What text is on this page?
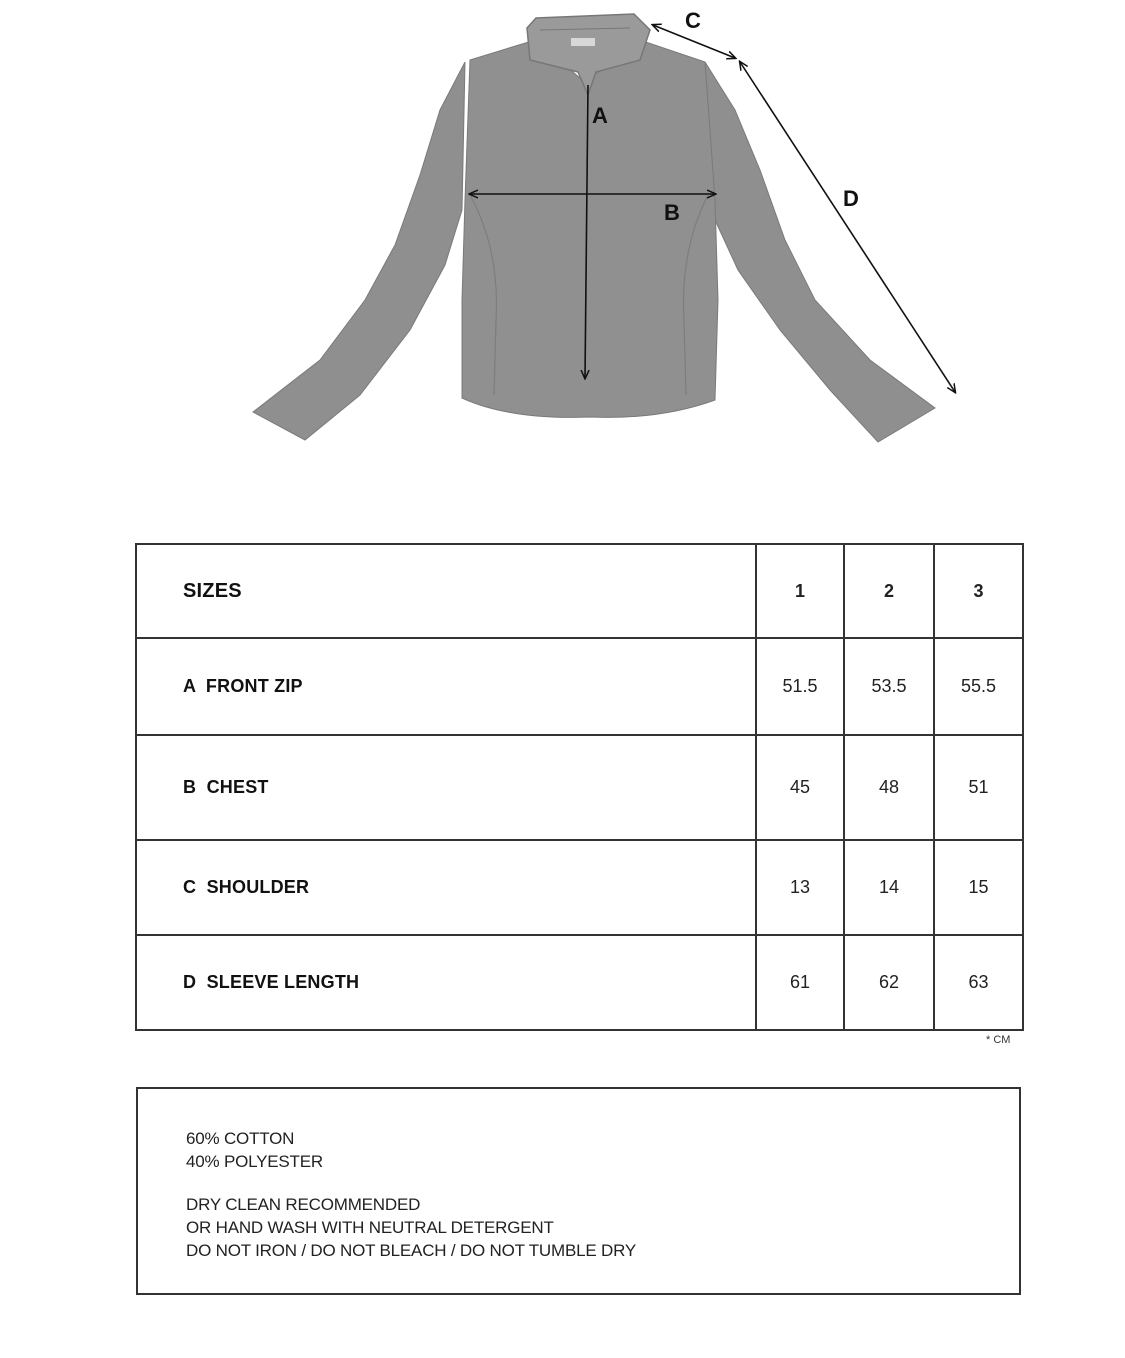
A
B
C
D
SIZES	1	2	3
A  FRONT ZIP	51.5	53.5	55.5
B  CHEST	45	48	51
C  SHOULDER	13	14	15
D  SLEEVE LENGTH	61	62	63
* CM
60% COTTON
40% POLYESTER
DRY CLEAN RECOMMENDED
OR HAND WASH WITH NEUTRAL DETERGENT
DO NOT IRON / DO NOT BLEACH / DO NOT TUMBLE DRY
